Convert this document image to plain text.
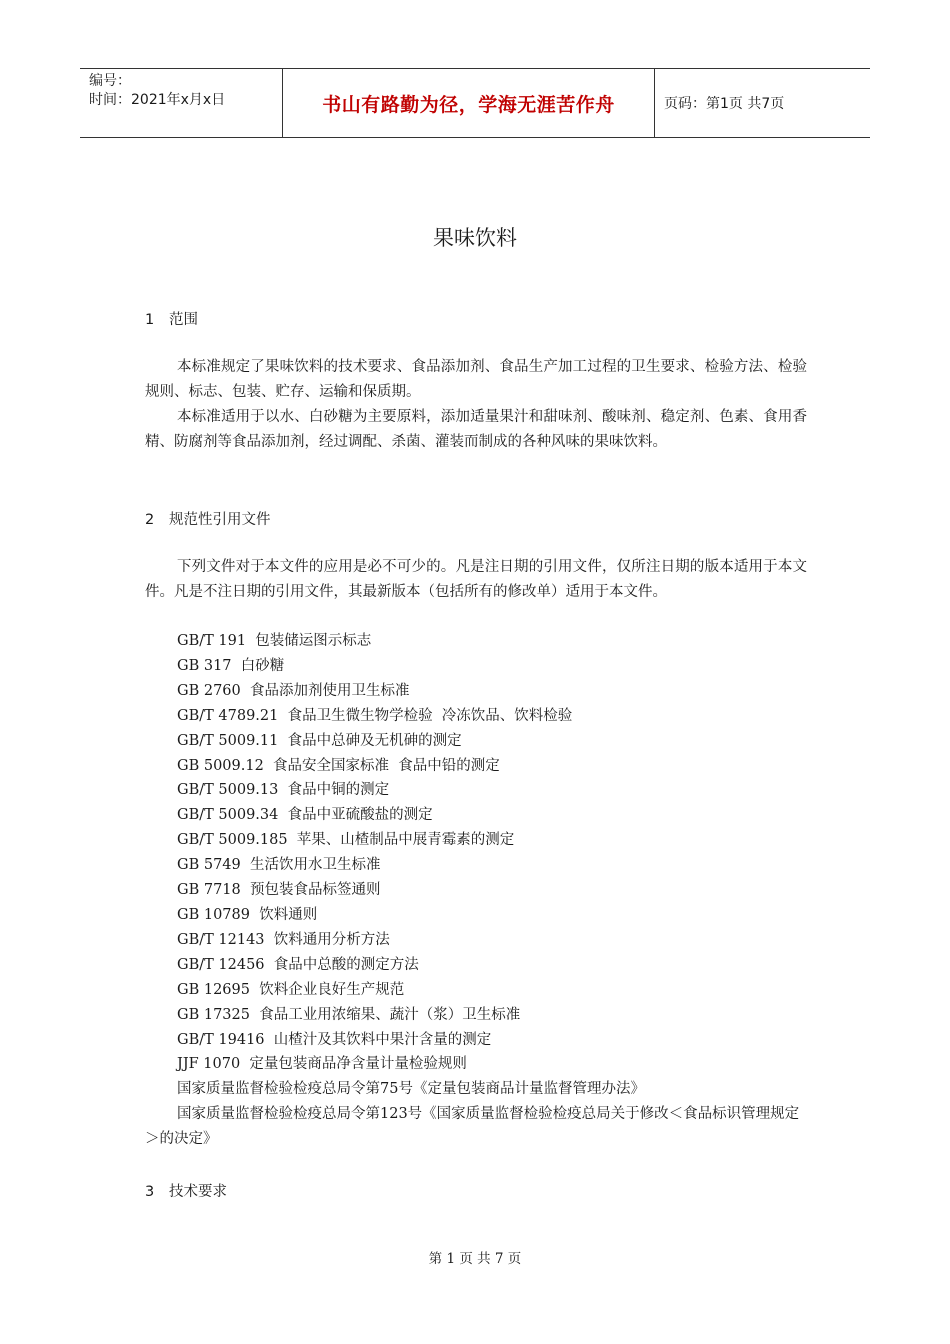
编号：
时间：2021年x月x日	书山有路勤为径，学海无涯苦作舟	页码：第1页 共7页
果味饮料
1 范围
本标准规定了果味饮料的技术要求、食品添加剂、食品生产加工过程的卫生要求、检验方法、检验规则、标志、包装、贮存、运输和保质期。
本标准适用于以水、白砂糖为主要原料，添加适量果汁和甜味剂、酸味剂、稳定剂、色素、食用香精、防腐剂等食品添加剂，经过调配、杀菌、灌装而制成的各种风味的果味饮料。
2 规范性引用文件
下列文件对于本文件的应用是必不可少的。凡是注日期的引用文件，仅所注日期的版本适用于本文件。凡是不注日期的引用文件，其最新版本（包括所有的修改单）适用于本文件。
GB/T 191  包装储运图示标志
GB 317  白砂糖
GB 2760  食品添加剂使用卫生标准
GB/T 4789.21  食品卫生微生物学检验  冷冻饮品、饮料检验
GB/T 5009.11  食品中总砷及无机砷的测定
GB 5009.12  食品安全国家标准  食品中铅的测定
GB/T 5009.13  食品中铜的测定
GB/T 5009.34  食品中亚硫酸盐的测定
GB/T 5009.185  苹果、山楂制品中展青霉素的测定
GB 5749  生活饮用水卫生标准
GB 7718  预包装食品标签通则
GB 10789  饮料通则
GB/T 12143  饮料通用分析方法
GB/T 12456  食品中总酸的测定方法
GB 12695  饮料企业良好生产规范
GB 17325  食品工业用浓缩果、蔬汁（浆）卫生标准
GB/T 19416  山楂汁及其饮料中果汁含量的测定
JJF 1070  定量包装商品净含量计量检验规则
国家质量监督检验检疫总局令第75号《定量包装商品计量监督管理办法》
国家质量监督检验检疫总局令第123号《国家质量监督检验检疫总局关于修改＜食品标识管理规定＞的决定》
3 技术要求
第 1 页 共 7 页
